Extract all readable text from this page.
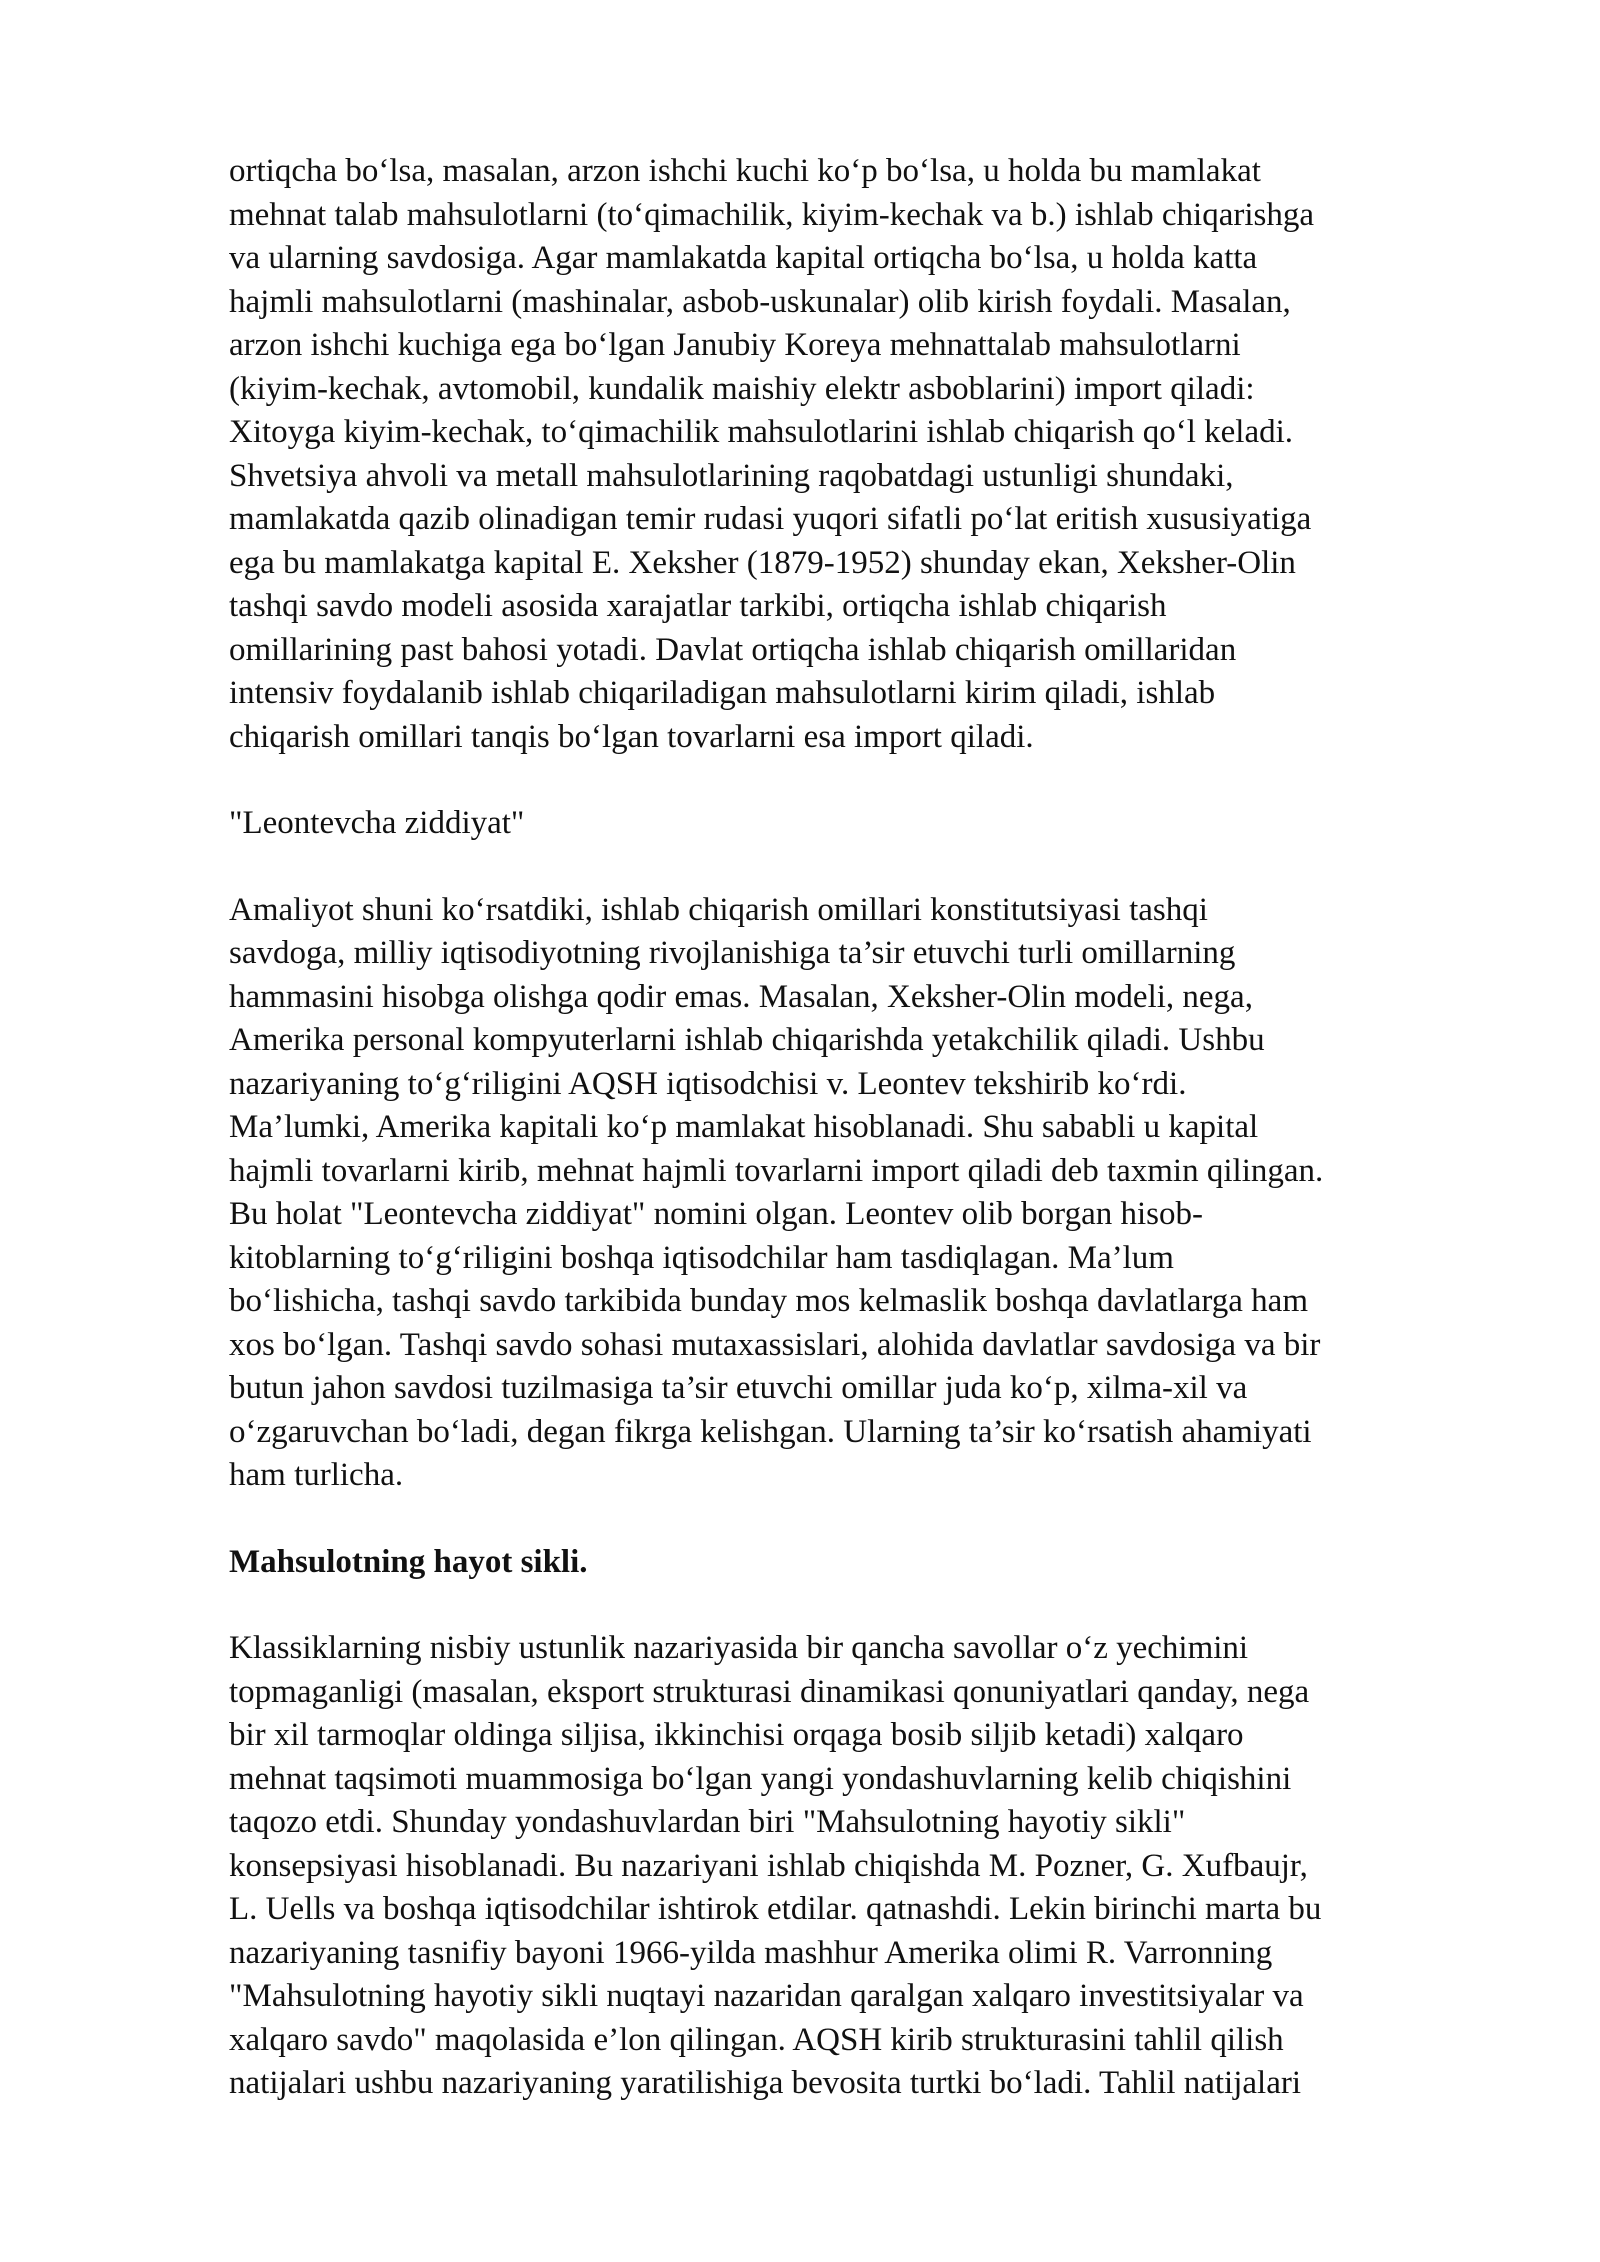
ortiqcha bo‘lsa, masalan, arzon ishchi kuchi ko‘p bo‘lsa, u holda bu mamlakat
mehnat talab mahsulotlarni (to‘qimachilik, kiyim-kechak va b.) ishlab chiqarishga
va ularning savdosiga. Agar mamlakatda kapital ortiqcha bo‘lsa, u holda katta
hajmli mahsulotlarni (mashinalar, asbob-uskunalar) olib kirish foydali. Masalan,
arzon ishchi kuchiga ega bo‘lgan Janubiy Koreya mehnattalab mahsulotlarni
(kiyim-kechak, avtomobil, kundalik maishiy elektr asboblarini) import qiladi:
Xitoyga kiyim-kechak, to‘qimachilik mahsulotlarini ishlab chiqarish qo‘l keladi.
Shvetsiya ahvoli va metall mahsulotlarining raqobatdagi ustunligi shundaki,
mamlakatda qazib olinadigan temir rudasi yuqori sifatli po‘lat eritish xususiyatiga
ega bu mamlakatga kapital E. Xeksher (1879-1952) shunday ekan, Xeksher-Olin
tashqi savdo modeli asosida xarajatlar tarkibi, ortiqcha ishlab chiqarish
omillarining past bahosi yotadi. Davlat ortiqcha ishlab chiqarish omillaridan
intensiv foydalanib ishlab chiqariladigan mahsulotlarni kirim qiladi, ishlab
chiqarish omillari tanqis bo‘lgan tovarlarni esa import qiladi.

"Leontevcha ziddiyat"

Amaliyot shuni ko‘rsatdiki, ishlab chiqarish omillari konstitutsiyasi tashqi
savdoga, milliy iqtisodiyotning rivojlanishiga ta’sir etuvchi turli omillarning
hammasini hisobga olishga qodir emas. Masalan, Xeksher-Olin modeli, nega,
Amerika personal kompyuterlarni ishlab chiqarishda yetakchilik qiladi. Ushbu
nazariyaning to‘g‘riligini AQSH iqtisodchisi v. Leontev tekshirib ko‘rdi.
Ma’lumki, Amerika kapitali ko‘p mamlakat hisoblanadi. Shu sababli u kapital
hajmli tovarlarni kirib, mehnat hajmli tovarlarni import qiladi deb taxmin qilingan.
Bu holat "Leontevcha ziddiyat" nomini olgan. Leontev olib borgan hisob-
kitoblarning to‘g‘riligini boshqa iqtisodchilar ham tasdiqlagan. Ma’lum
bo‘lishicha, tashqi savdo tarkibida bunday mos kelmaslik boshqa davlatlarga ham
xos bo‘lgan. Tashqi savdo sohasi mutaxassislari, alohida davlatlar savdosiga va bir
butun jahon savdosi tuzilmasiga ta’sir etuvchi omillar juda ko‘p, xilma-xil va
o‘zgaruvchan bo‘ladi, degan fikrga kelishgan. Ularning ta’sir ko‘rsatish ahamiyati
ham turlicha.

Mahsulotning hayot sikli.

Klassiklarning nisbiy ustunlik nazariyasida bir qancha savollar o‘z yechimini
topmaganligi (masalan, eksport strukturasi dinamikasi qonuniyatlari qanday, nega
bir xil tarmoqlar oldinga siljisa, ikkinchisi orqaga bosib siljib ketadi) xalqaro
mehnat taqsimoti muammosiga bo‘lgan yangi yondashuvlarning kelib chiqishini
taqozo etdi. Shunday yondashuvlardan biri "Mahsulotning hayotiy sikli"
konsepsiyasi hisoblanadi. Bu nazariyani ishlab chiqishda M. Pozner, G. Xufbaujr,
L. Uells va boshqa iqtisodchilar ishtirok etdilar. qatnashdi. Lekin birinchi marta bu
nazariyaning tasnifiy bayoni 1966-yilda mashhur Amerika olimi R. Varronning
"Mahsulotning hayotiy sikli nuqtayi nazaridan qaralgan xalqaro investitsiyalar va
xalqaro savdo" maqolasida e’lon qilingan. AQSH kirib strukturasini tahlil qilish
natijalari ushbu nazariyaning yaratilishiga bevosita turtki bo‘ladi. Tahlil natijalari
